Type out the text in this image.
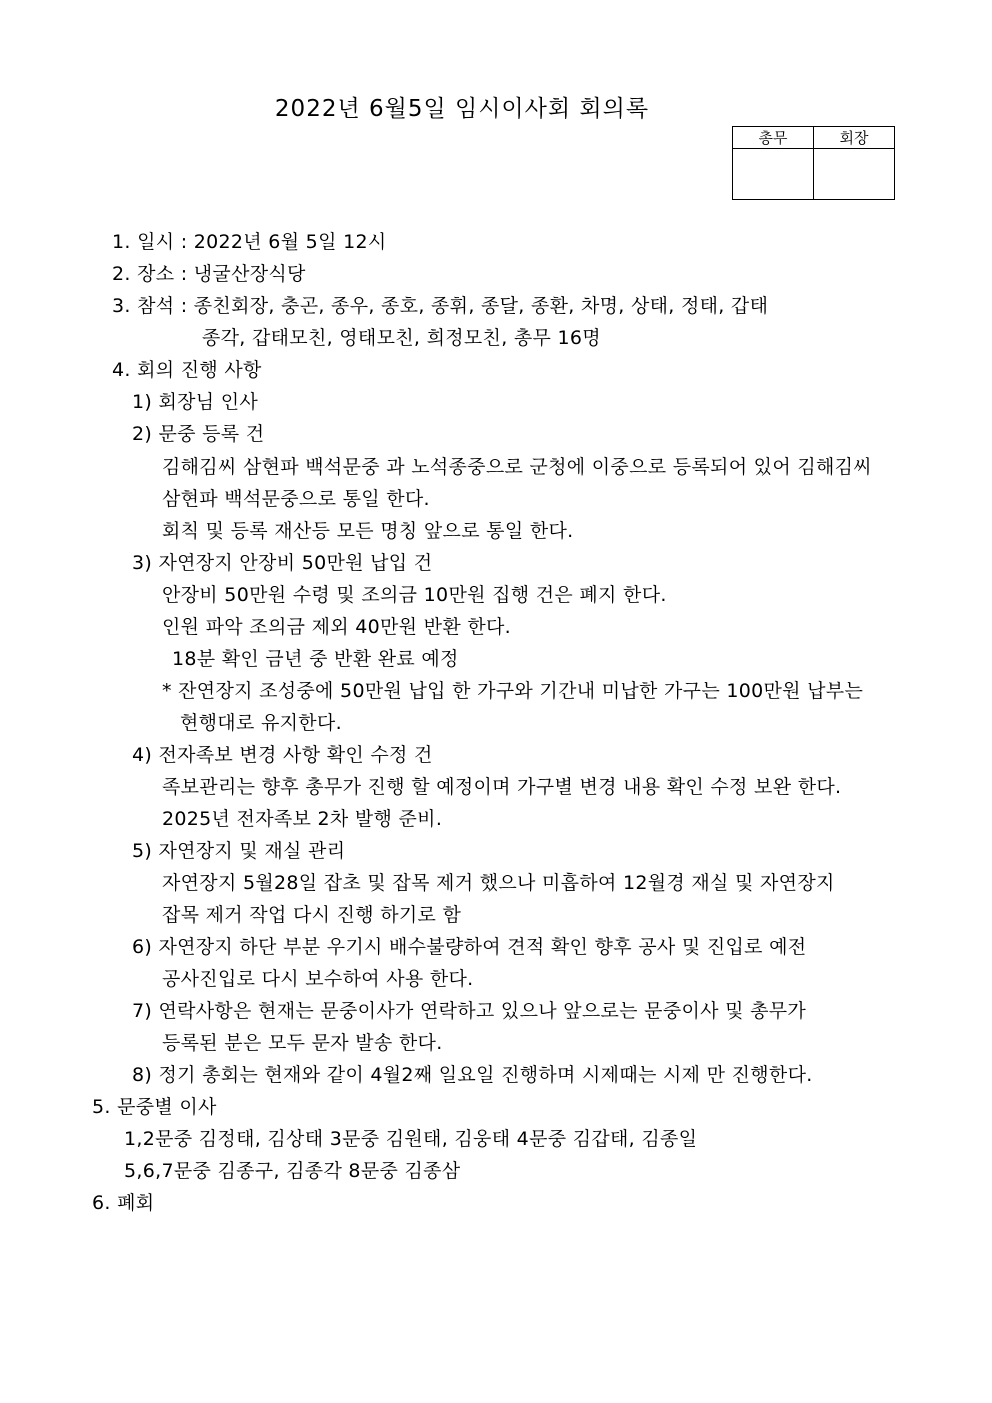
2022년 6월5일 임시이사회 회의록
총무	회장

1. 일시 : 2022년 6월 5일 12시
2. 장소 : 냉굴산장식당
3. 참석 : 종친회장, 충곤, 종우, 종호, 종휘, 종달, 종환, 차명, 상태, 정태, 갑태
종각, 갑태모친, 영태모친, 희정모친, 총무 16명
4. 회의 진행 사항
1) 회장님 인사
2) 문중 등록 건
김해김씨 삼현파 백석문중 과 노석종중으로 군청에 이중으로 등록되어 있어 김해김씨
삼현파 백석문중으로 통일 한다.
회칙 및 등록 재산등 모든 명칭 앞으로 통일 한다.
3) 자연장지 안장비 50만원 납입 건
안장비 50만원 수령 및 조의금 10만원 집행 건은 폐지 한다.
인원 파악 조의금 제외 40만원 반환 한다.
18분 확인 금년 중 반환 완료 예정
* 잔연장지 조성중에 50만원 납입 한 가구와 기간내 미납한 가구는 100만원 납부는
현행대로 유지한다.
4) 전자족보 변경 사항 확인 수정 건
족보관리는 향후 총무가 진행 할 예정이며 가구별 변경 내용 확인 수정 보완 한다.
2025년 전자족보 2차 발행 준비.
5) 자연장지 및 재실 관리
자연장지 5월28일 잡초 및 잡목 제거 했으나 미흡하여 12월경 재실 및 자연장지
잡목 제거 작업 다시 진행 하기로 함
6) 자연장지 하단 부분 우기시 배수불량하여 견적 확인 향후 공사 및 진입로 예전
공사진입로 다시 보수하여 사용 한다.
7) 연락사항은 현재는 문중이사가 연락하고 있으나 앞으로는 문중이사 및 총무가
등록된 분은 모두 문자 발송 한다.
8) 정기 총회는 현재와 같이 4월2째 일요일 진행하며 시제때는 시제 만 진행한다.
5. 문중별 이사
1,2문중 김정태, 김상태 3문중 김원태, 김웅태 4문중 김갑태, 김종일
5,6,7문중 김종구, 김종각 8문중 김종삼
6. 폐회
